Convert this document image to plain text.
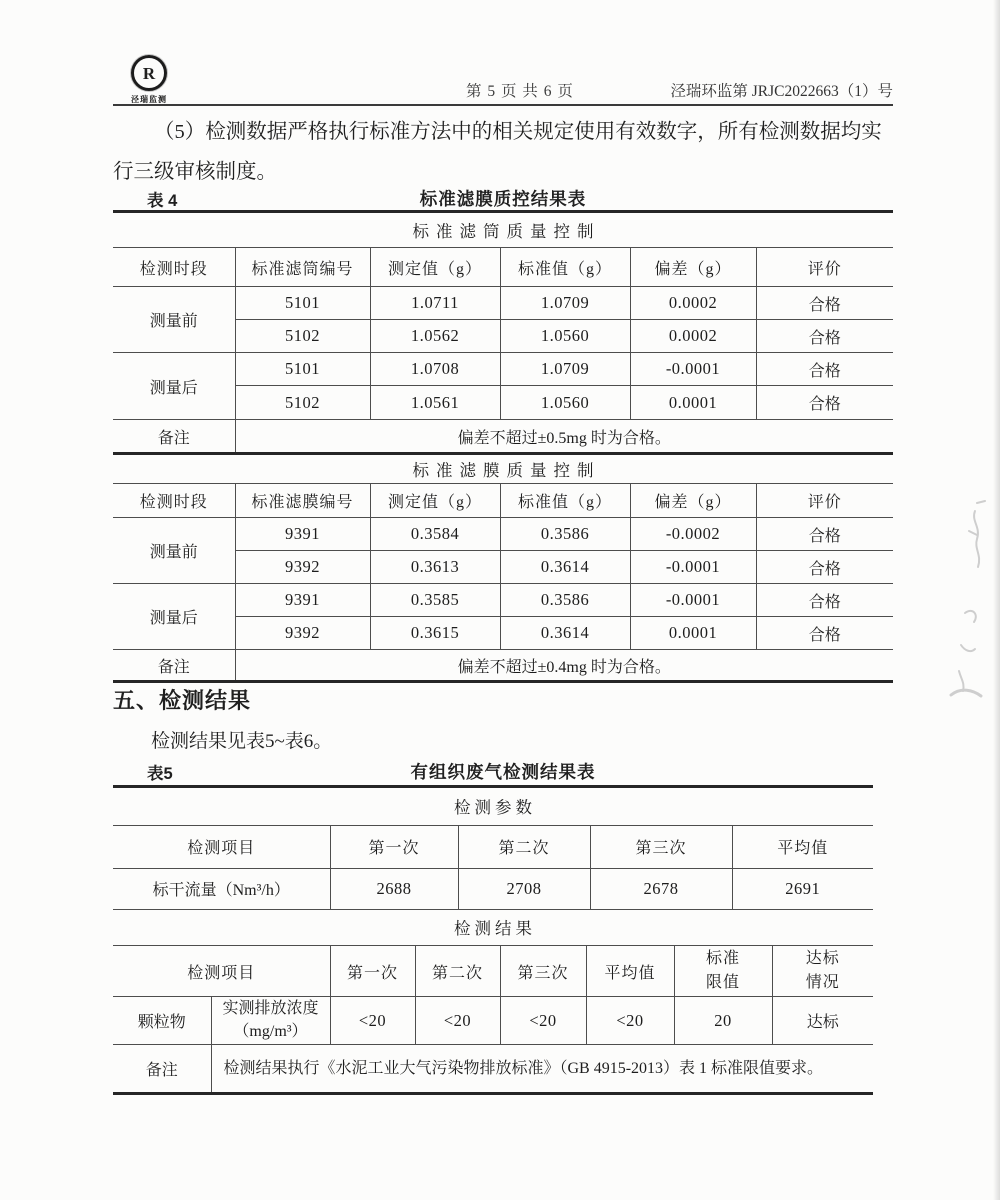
R
泾瑞监测	第 5 页 共 6 页	泾瑞环监第 JRJC2022663（1）号
（5）检测数据严格执行标准方法中的相关规定使用有效数字，所有检测数据均实
行三级审核制度。
表 4	标准滤膜质控结果表
标准滤筒质量控制					
检测时段	标准滤筒编号	测定值（g）	标准值（g）	偏差（g）	评价
测量前	5101	1.0711	1.0709	0.0002	合格
	5102	1.0562	1.0560	0.0002	合格
测量后	5101	1.0708	1.0709	-0.0001	合格
	5102	1.0561	1.0560	0.0001	合格
备注	偏差不超过±0.5mg 时为合格。				
标准滤膜质量控制					
检测时段	标准滤膜编号	测定值（g）	标准值（g）	偏差（g）	评价
测量前	9391	0.3584	0.3586	-0.0002	合格
	9392	0.3613	0.3614	-0.0001	合格
测量后	9391	0.3585	0.3586	-0.0001	合格
	9392	0.3615	0.3614	0.0001	合格
备注	偏差不超过±0.4mg 时为合格。				
五、检测结果
检测结果见表5~表6。
表5	有组织废气检测结果表
检测参数				
检测项目	第一次	第二次	第三次	平均值
标干流量（Nm³/h）	2688	2708	2678	2691
检测结果							
检测项目		第一次	第二次	第三次	平均值	标准限值	达标情况
颗粒物	实测排放浓度（mg/m³）	<20	<20	<20	<20	20	达标
备注	检测结果执行《水泥工业大气污染物排放标准》（GB 4915-2013）表 1 标准限值要求。
